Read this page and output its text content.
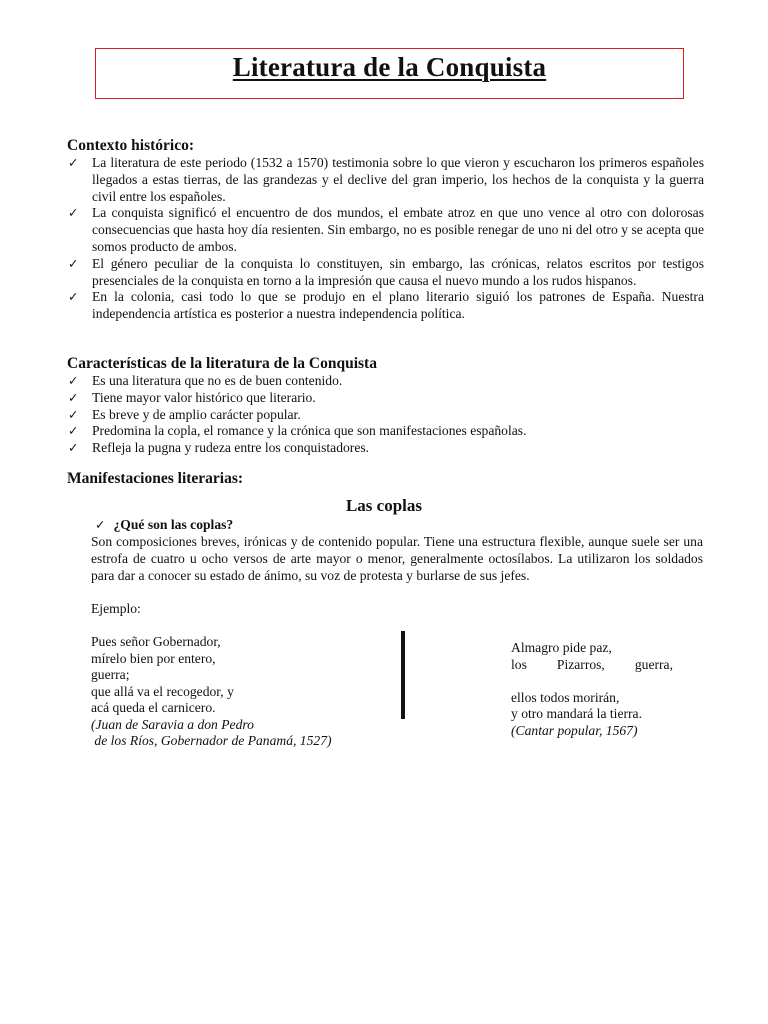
Literatura de la Conquista
Contexto histórico:
✓ La literatura de este periodo (1532 a 1570) testimonia sobre lo que vieron y escucharon los primeros españoles llegados a estas tierras, de las grandezas y el declive del gran imperio, los hechos de la conquista y la guerra civil entre los españoles.
✓ La conquista significó el encuentro de dos mundos, el embate atroz en que uno vence al otro con dolorosas consecuencias que hasta hoy día resienten. Sin embargo, no es posible renegar de uno ni del otro y se acepta que somos producto de ambos.
✓ El género peculiar de la conquista lo constituyen, sin embargo, las crónicas, relatos escritos por testigos presenciales de la conquista en torno a la impresión que causa el nuevo mundo a los rudos hispanos.
✓ En la colonia, casi todo lo que se produjo en el plano literario siguió los patrones de España. Nuestra independencia artística es posterior a nuestra independencia política.
Características de la literatura de la Conquista
✓ Es una literatura que no es de buen contenido.
✓ Tiene mayor valor histórico que literario.
✓ Es breve y de amplio carácter popular.
✓ Predomina la copla, el romance y la crónica que son manifestaciones españolas.
✓ Refleja la pugna y rudeza entre los conquistadores.
Manifestaciones literarias:
Las coplas

✓ ¿Qué son las coplas?

Son composiciones breves, irónicas y de contenido popular. Tiene una estructura flexible, aunque suele ser una estrofa de cuatro u ocho versos de arte mayor o menor, generalmente octosílabos. La utilizaron los soldados para dar a conocer su estado de ánimo, su voz de protesta y burlarse de sus jefes.

Ejemplo:

Pues señor Gobernador,
mírelo bien por entero,
guerra;
que allá va el recogedor, y
acá queda el carnicero.
(Juan de Saravia a don Pedro
de los Ríos, Gobernador de Panamá, 1527)
Almagro pide paz,
los Pizarros, guerra,
ellos todos morirán,
y otro mandará la tierra.
(Cantar popular, 1567)
